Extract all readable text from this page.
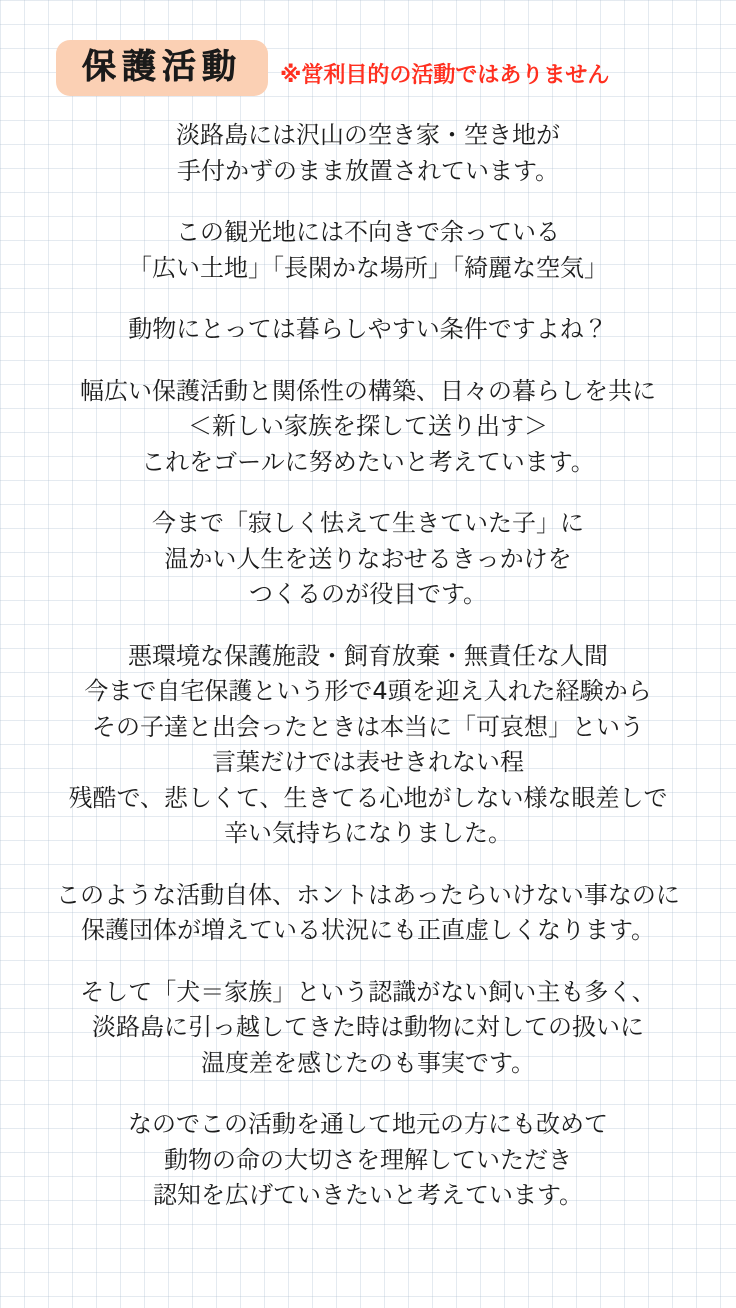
保護活動	※営利目的の活動ではありません

淡路島には沢山の空き家・空き地が
手付かずのまま放置されています。

この観光地には不向きで余っている
「広い土地」「長閑かな場所」「綺麗な空気」

動物にとっては暮らしやすい条件ですよね？

幅広い保護活動と関係性の構築、日々の暮らしを共に
＜新しい家族を探して送り出す＞
これをゴールに努めたいと考えています。

今まで「寂しく怯えて生きていた子」に
温かい人生を送りなおせるきっかけを
つくるのが役目です。

悪環境な保護施設・飼育放棄・無責任な人間
今まで自宅保護という形で4頭を迎え入れた経験から
その子達と出会ったときは本当に「可哀想」という
言葉だけでは表せきれない程
残酷で、悲しくて、生きてる心地がしない様な眼差しで
辛い気持ちになりました。

このような活動自体、ホントはあったらいけない事なのに
保護団体が増えている状況にも正直虚しくなります。

そして「犬＝家族」という認識がない飼い主も多く、
淡路島に引っ越してきた時は動物に対しての扱いに
温度差を感じたのも事実です。

なのでこの活動を通して地元の方にも改めて
動物の命の大切さを理解していただき
認知を広げていきたいと考えています。
